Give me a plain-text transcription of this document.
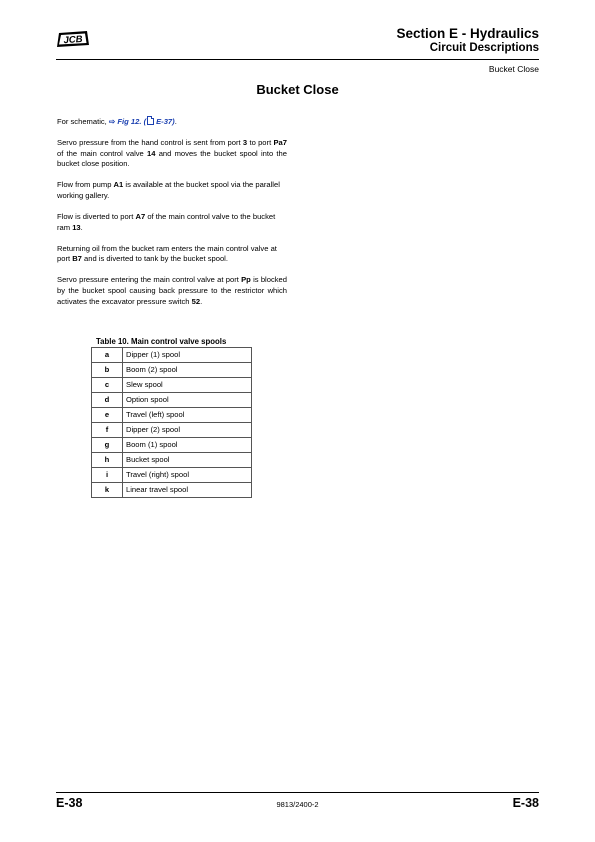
JCB	Section E - Hydraulics
Circuit Descriptions
Bucket Close
Bucket Close

For schematic, ⇨ Fig 12. ( E-37).

Servo pressure from the hand control is sent from port 3 to port Pa7 of the main control valve 14 and moves the bucket spool into the bucket close position.

Flow from pump A1 is available at the bucket spool via the parallel working gallery.

Flow is diverted to port A7 of the main control valve to the bucket ram 13.

Returning oil from the bucket ram enters the main control valve at port B7 and is diverted to tank by the bucket spool.

Servo pressure entering the main control valve at port Pp is blocked by the bucket spool causing back pressure to the restrictor which activates the excavator pressure switch 52.

Table 10. Main control valve spools
a	Dipper (1) spool
b	Boom (2) spool
c	Slew spool
d	Option spool
e	Travel (left) spool
f	Dipper (2) spool
g	Boom (1) spool
h	Bucket spool
i	Travel (right) spool
k	Linear travel spool
E-38	9813/2400-2	E-38
